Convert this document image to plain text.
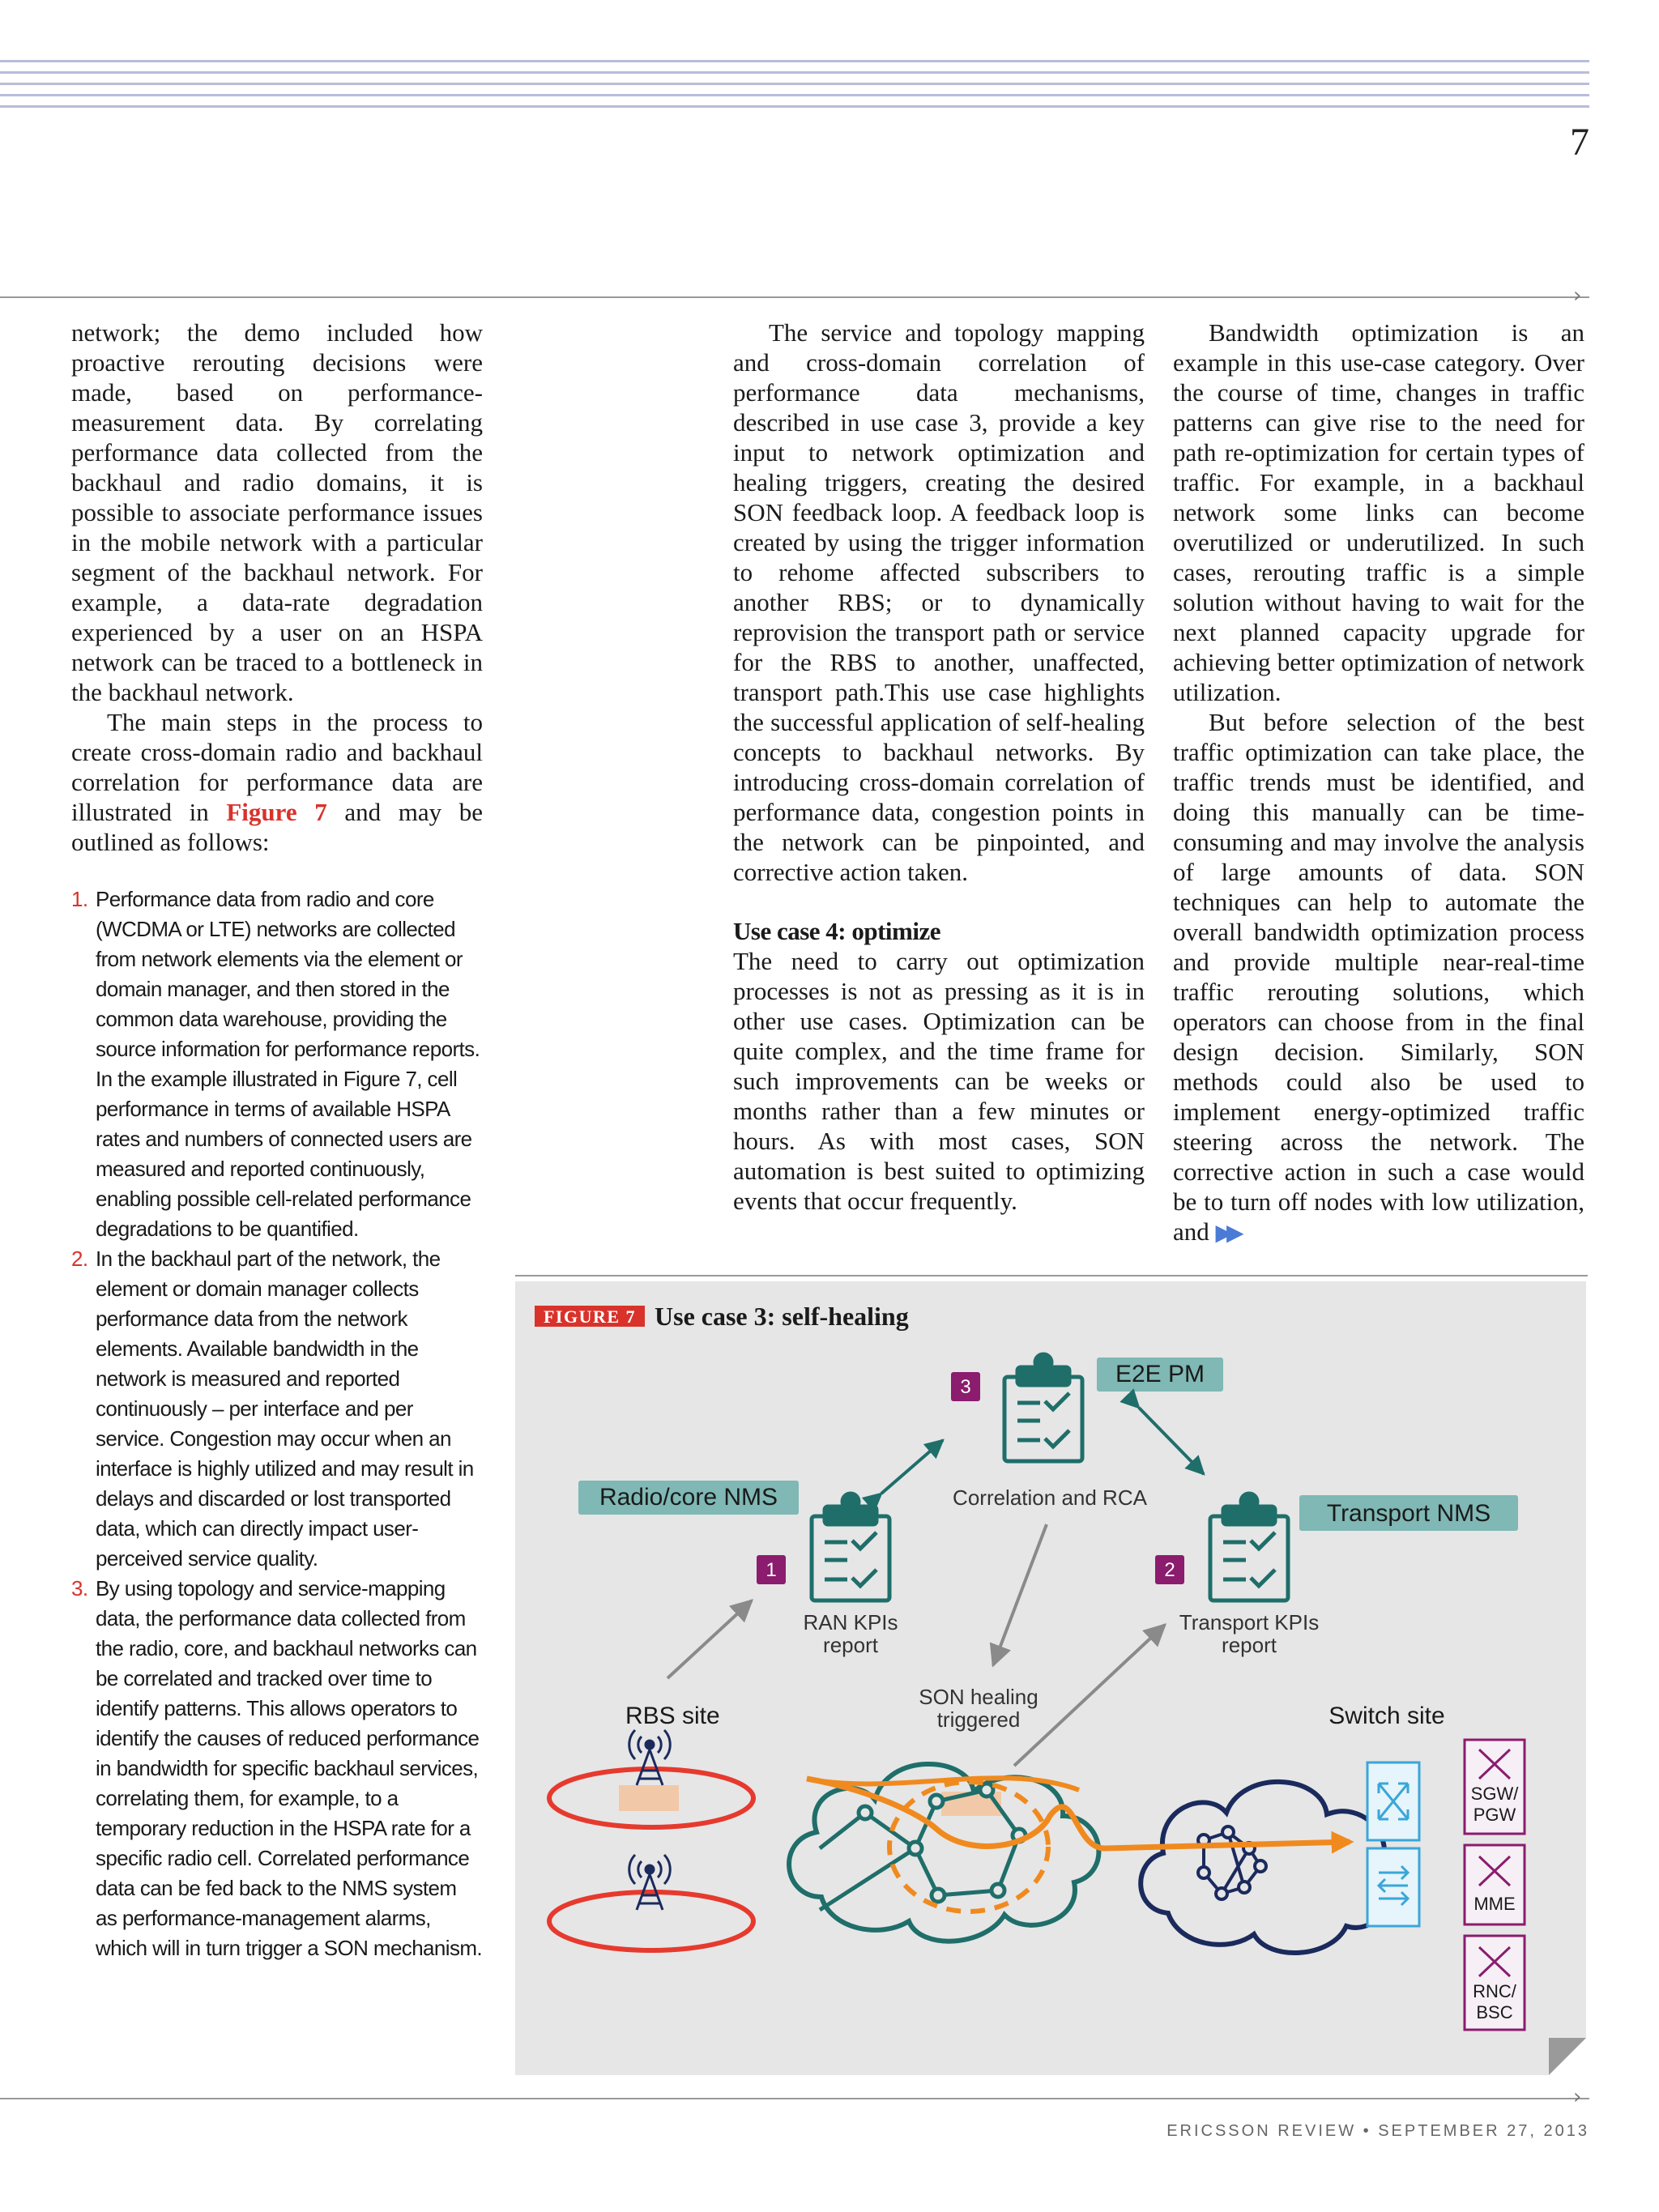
7
›

network; the demo included how proactive rerouting decisions were made, based on performance-measurement data. By correlating performance data collected from the backhaul and radio domains, it is possible to associate performance issues in the mobile network with a particular segment of the backhaul network. For example, a data-rate degradation experienced by a user on an HSPA network can be traced to a bottleneck in the backhaul network.

The main steps in the process to create cross-domain radio and backhaul correlation for performance data are illustrated in Figure 7 and may be outlined as follows:

1. Performance data from radio and core (WCDMA or LTE) networks are collected from network elements via the element or domain manager, and then stored in the common data warehouse, providing the source information for performance reports. In the example illustrated in Figure 7, cell performance in terms of available HSPA rates and numbers of connected users are measured and reported continuously, enabling possible cell-related performance degradations to be quantified.
2. In the backhaul part of the network, the element or domain manager collects performance data from the network elements. Available bandwidth in the network is measured and reported continuously – per interface and per service. Congestion may occur when an interface is highly utilized and may result in delays and discarded or lost transported data, which can directly impact user-perceived service quality.
3. By using topology and service-mapping data, the performance data collected from the radio, core, and backhaul networks can be correlated and tracked over time to identify patterns. This allows operators to identify the causes of reduced performance in bandwidth for specific backhaul services, correlating them, for example, to a temporary reduction in the HSPA rate for a specific radio cell. Correlated performance data can be fed back to the NMS system as performance-management alarms, which will in turn trigger a SON mechanism.

The service and topology mapping and cross-domain correlation of performance data mechanisms, described in use case 3, provide a key input to network optimization and healing triggers, creating the desired SON feedback loop. A feedback loop is created by using the trigger information to rehome affected subscribers to another RBS; or to dynamically reprovision the transport path or service for the RBS to another, unaffected, transport path.This use case highlights the successful application of self-healing concepts to backhaul networks. By introducing cross-domain correlation of performance data, congestion points in the network can be pinpointed, and corrective action taken.

Use case 4: optimize

The need to carry out optimization processes is not as pressing as it is in other use cases. Optimization can be quite complex, and the time frame for such improvements can be weeks or months rather than a few minutes or hours. As with most cases, SON automation is best suited to optimizing events that occur frequently.

Bandwidth optimization is an example in this use-case category. Over the course of time, changes in traffic patterns can give rise to the need for path re-optimization for certain types of traffic. For example, in a backhaul network some links can become overutilized or underutilized. In such cases, rerouting traffic is a simple solution without having to wait for the next planned capacity upgrade for achieving better optimization of network utilization.

But before selection of the best traffic optimization can take place, the traffic trends must be identified, and doing this manually can be time-consuming and may involve the analysis of large amounts of data. SON techniques can help to automate the overall bandwidth optimization process and provide multiple near-real-time traffic rerouting solutions, which operators can choose from in the final design decision. Similarly, SON methods could also be used to implement energy-optimized traffic steering across the network. The corrective action in such a case would be to turn off nodes with low utilization, and ▶▶

FIGURE 7 Use case 3: self-healing
3	E2E PM
Correlation and RCA
Radio/core NMS
1
RAN KPIs
report
Transport NMS
2
Transport KPIs
report
SON healing
triggered
RBS site	Switch site
SGW/
PGW
MME
RNC/
BSC
›
ERICSSON REVIEW • SEPTEMBER 27, 2013
